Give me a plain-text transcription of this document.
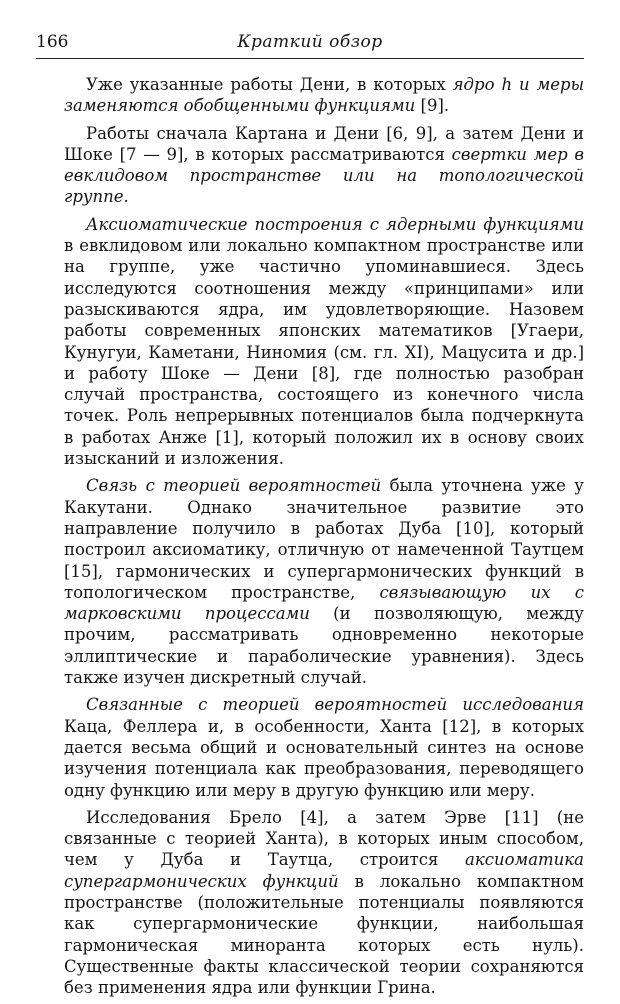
166	Краткий обзор

Уже указанные работы Дени, в которых ядро h и меры заменяются обобщенными функциями [9].

Работы сначала Картана и Дени [6, 9], а затем Дени и Шоке [7 — 9], в которых рассматриваются свертки мер в евклидовом пространстве или на топологической группе.

Аксиоматические построения с ядерными функциями в евклидовом или локально компактном пространстве или на группе, уже частично упоминавшиеся. Здесь исследуются соотношения между «принципами» или разыскиваются ядра, им удовлетворяющие. Назовем работы современных японских математиков [Угаери, Кунугуи, Каметани, Ниномия (см. гл. XI), Мацусита и др.] и работу Шоке — Дени [8], где полностью разобран случай пространства, состоящего из конечного числа точек. Роль непрерывных потенциалов была подчеркнута в работах Анже [1], который положил их в основу своих изысканий и изложения.

Связь с теорией вероятностей была уточнена уже у Какутани. Однако значительное развитие это направление получило в работах Дуба [10], который построил аксиоматику, отличную от намеченной Таутцем [15], гармонических и супергармонических функций в топологическом пространстве, связывающую их с марковскими процессами (и позволяющую, между прочим, рассматривать одновременно некоторые эллиптические и параболические уравнения). Здесь также изучен дискретный случай.

Связанные с теорией вероятностей исследования Каца, Феллера и, в особенности, Ханта [12], в которых дается весьма общий и основательный синтез на основе изучения потенциала как преобразования, переводящего одну функцию или меру в другую функцию или меру.

Исследования Брело [4], а затем Эрве [11] (не связанные с теорией Ханта), в которых иным способом, чем у Дуба и Таутца, строится аксиоматика супергармонических функций в локально компактном пространстве (положительные потенциалы появляются как супергармонические функции, наибольшая гармоническая миноранта которых есть нуль). Существенные факты классической теории сохраняются без применения ядра или функции Грина.
